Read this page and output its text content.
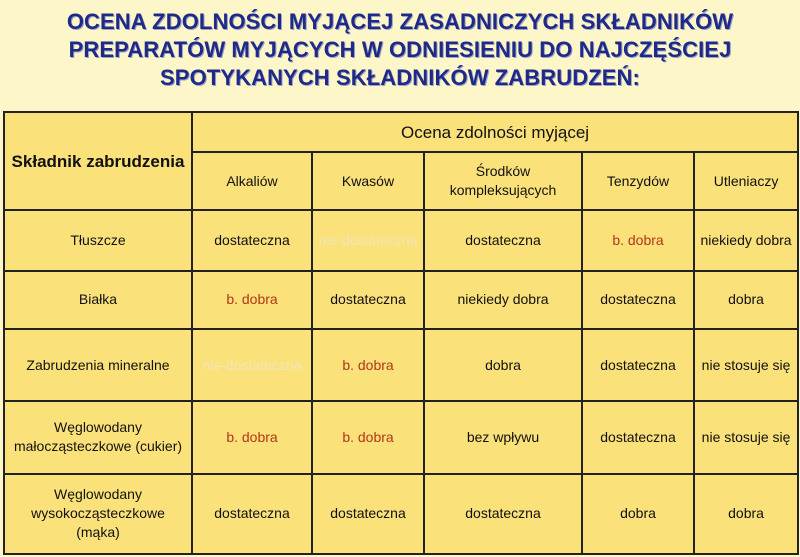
OCENA ZDOLNOŚCI MYJĄCEJ ZASADNICZYCH SKŁADNIKÓW
PREPARATÓW MYJĄCYCH W ODNIESIENIU DO NAJCZĘŚCIEJ
SPOTYKANYCH SKŁADNIKÓW ZABRUDZEŃ:
Składnik zabrudzenia	Ocena zdolności myjącej				
	Alkaliów	Kwasów	Środków kompleksujących	Tenzydów	Utleniaczy
Tłuszcze	dostateczna	nie-dostateczna	dostateczna	b. dobra	niekiedy dobra
Białka	b. dobra	dostateczna	niekiedy dobra	dostateczna	dobra
Zabrudzenia mineralne	nie-dostateczna	b. dobra	dobra	dostateczna	nie stosuje się
Węglowodany małocząsteczkowe (cukier)	b. dobra	b. dobra	bez wpływu	dostateczna	nie stosuje się
Węglowodany wysokocząsteczkowe (mąka)	dostateczna	dostateczna	dostateczna	dobra	dobra
